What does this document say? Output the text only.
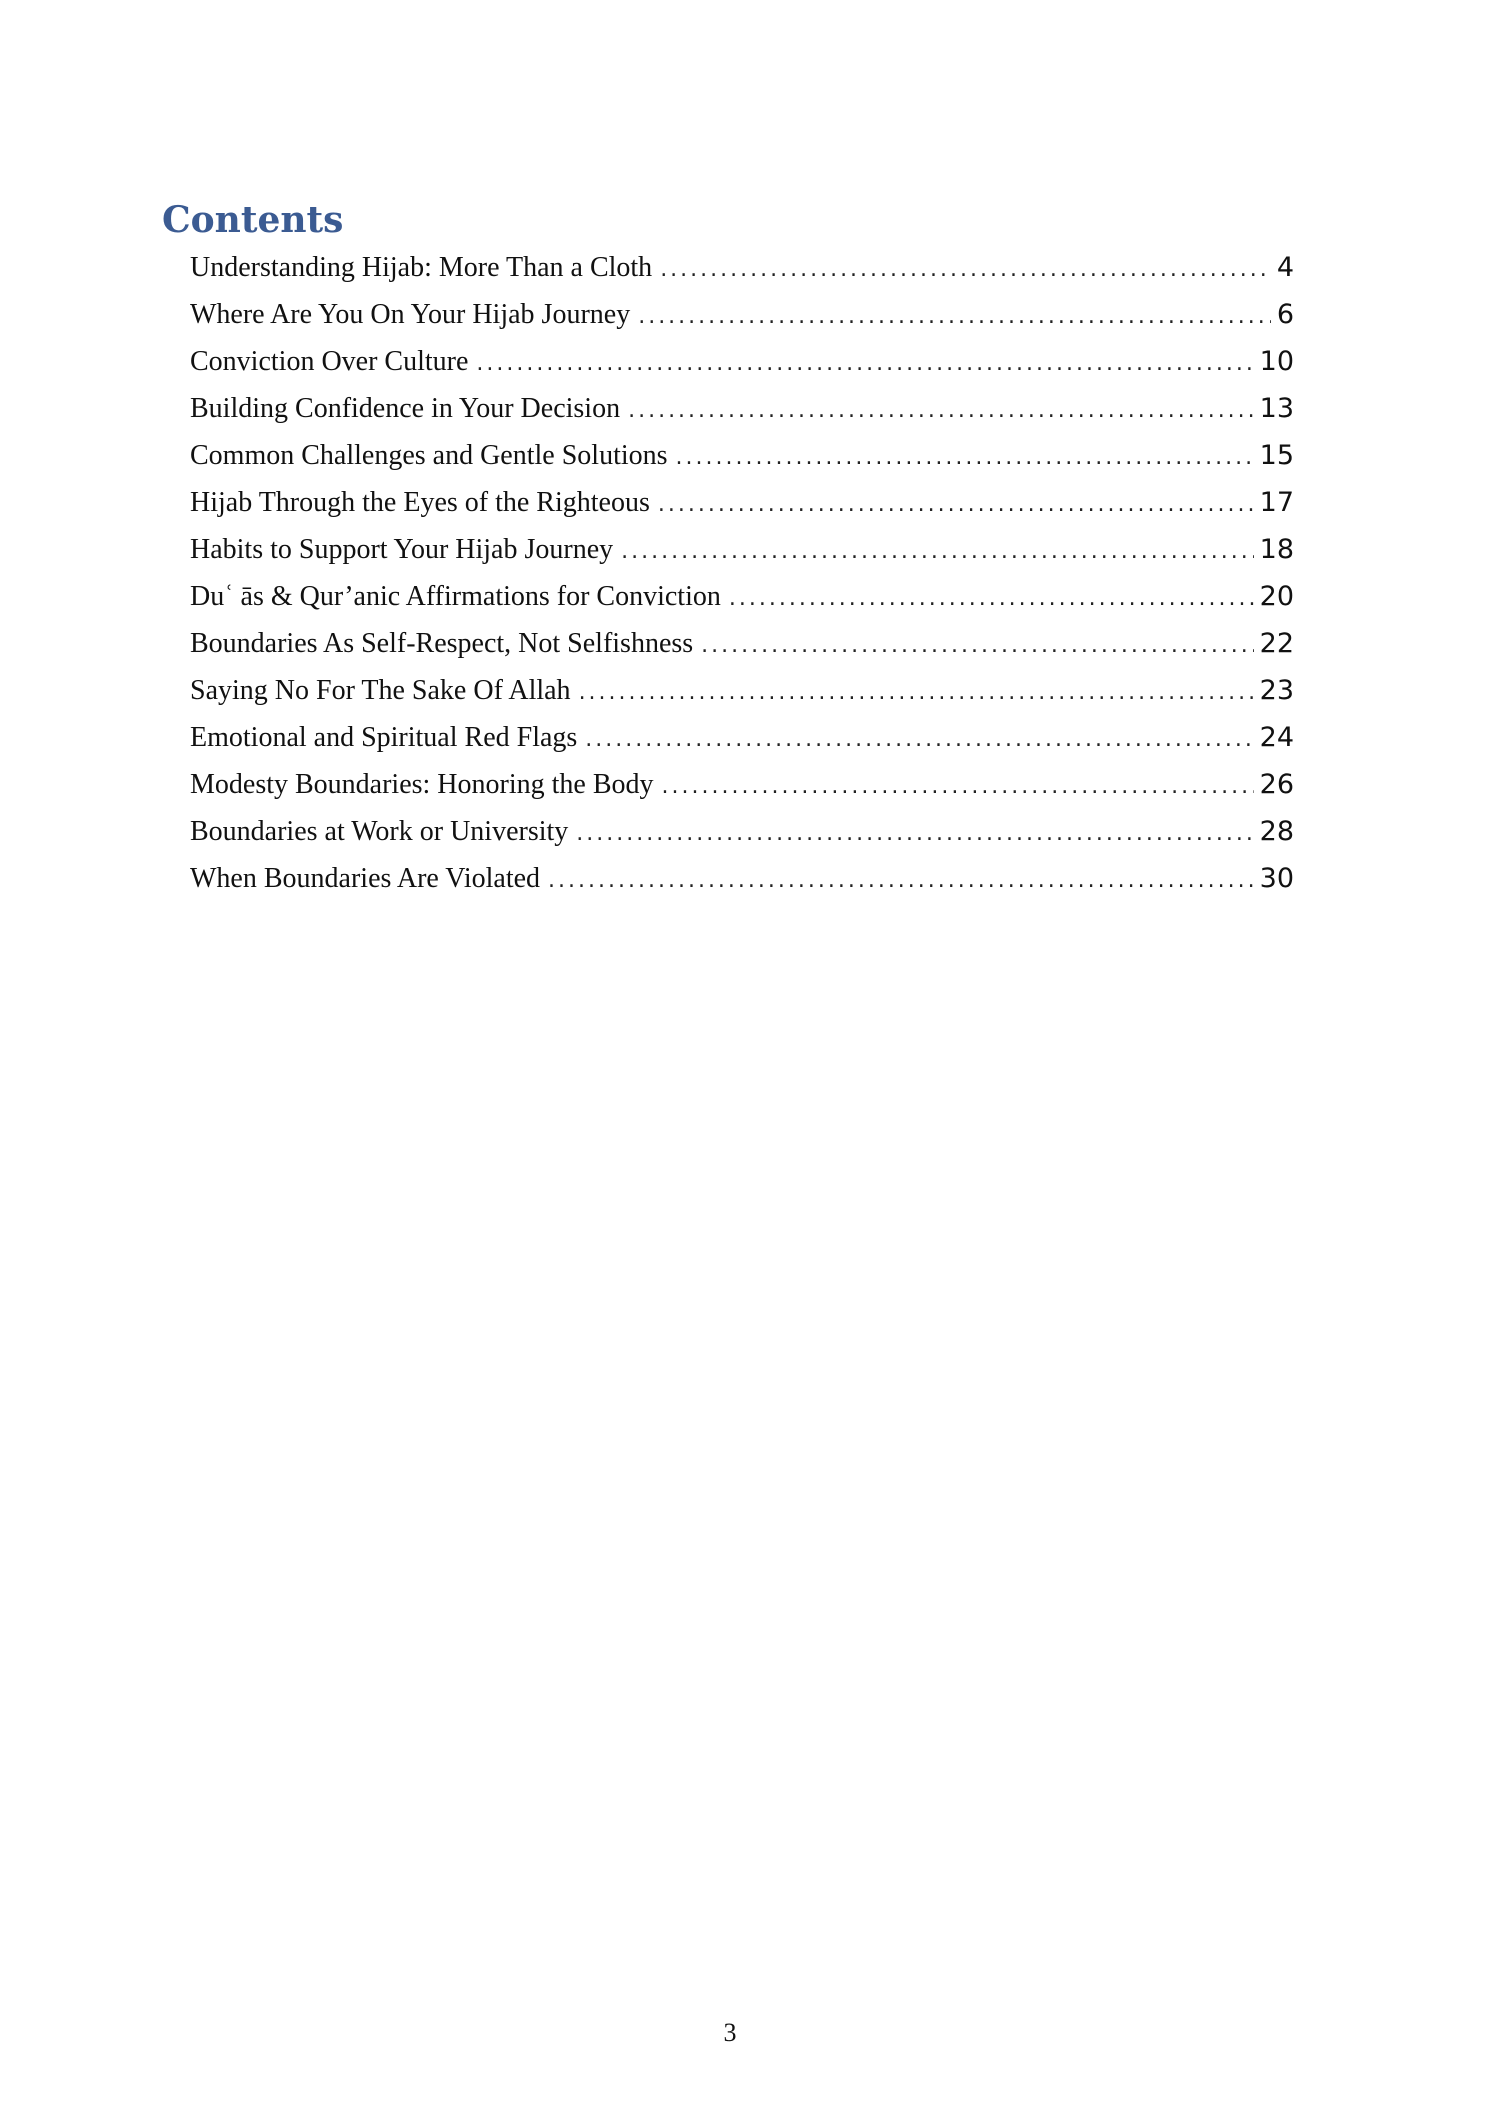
Contents
Understanding Hijab: More Than a Cloth .....	4
Where Are You On Your Hijab Journey .....	6
Conviction Over Culture .....	10
Building Confidence in Your Decision .....	13
Common Challenges and Gentle Solutions .....	15
Hijab Through the Eyes of the Righteous .....	17
Habits to Support Your Hijab Journey .....	18
Duʿ ās & Qur’anic Affirmations for Conviction .....	20
Boundaries As Self-Respect, Not Selfishness .....	22
Saying No For The Sake Of Allah .....	23
Emotional and Spiritual Red Flags .....	24
Modesty Boundaries: Honoring the Body .....	26
Boundaries at Work or University .....	28
When Boundaries Are Violated .....	30
3
